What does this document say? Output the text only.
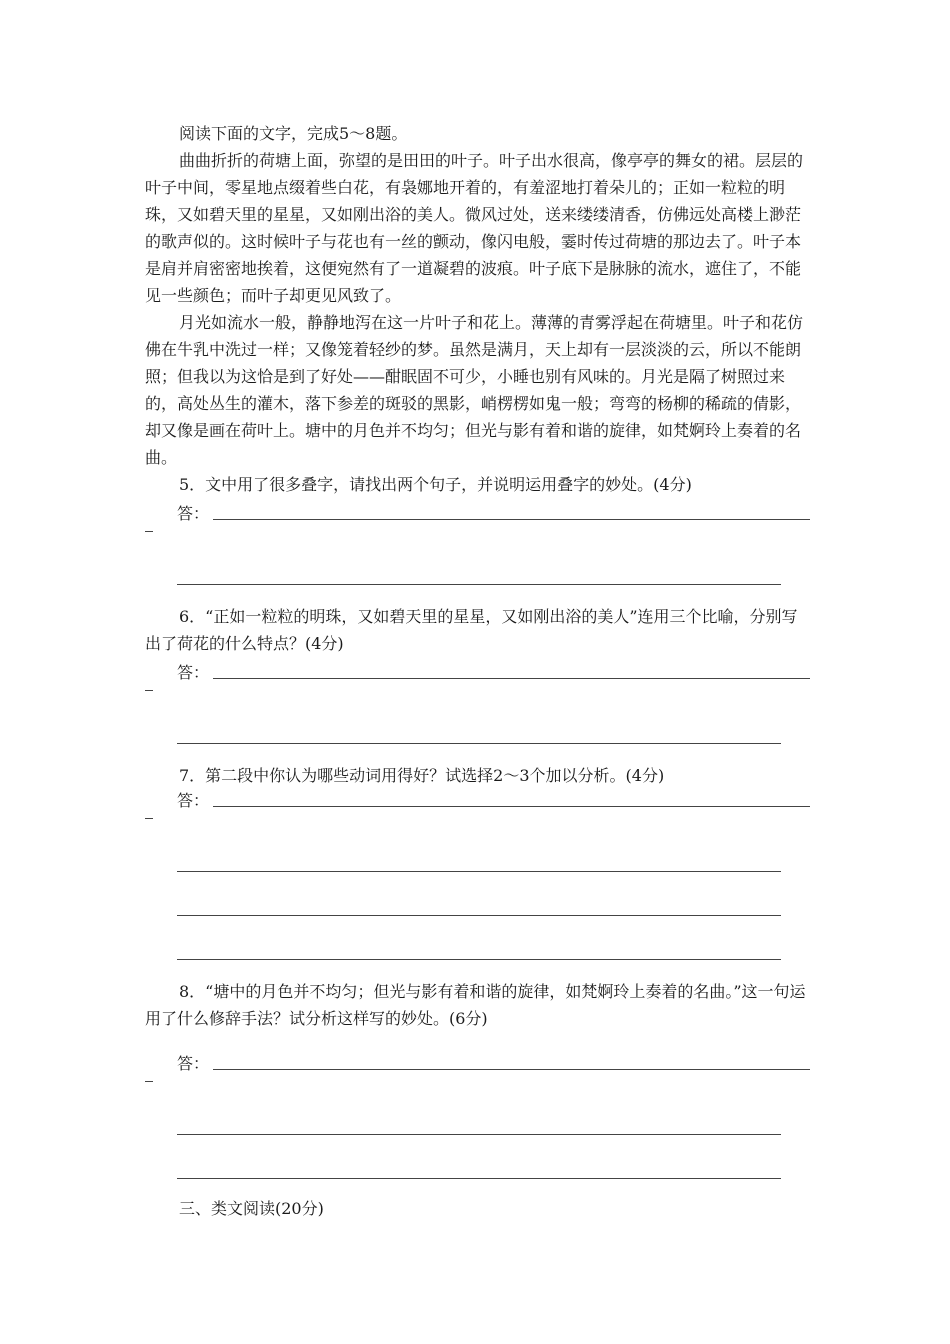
阅读下面的文字，完成5～8题。

曲曲折折的荷塘上面，弥望的是田田的叶子。叶子出水很高，像亭亭的舞女的裙。层层的叶子中间，零星地点缀着些白花，有袅娜地开着的，有羞涩地打着朵儿的；正如一粒粒的明珠，又如碧天里的星星，又如刚出浴的美人。微风过处，送来缕缕清香，仿佛远处高楼上渺茫的歌声似的。这时候叶子与花也有一丝的颤动，像闪电般，霎时传过荷塘的那边去了。叶子本是肩并肩密密地挨着，这便宛然有了一道凝碧的波痕。叶子底下是脉脉的流水，遮住了，不能见一些颜色；而叶子却更见风致了。

月光如流水一般，静静地泻在这一片叶子和花上。薄薄的青雾浮起在荷塘里。叶子和花仿佛在牛乳中洗过一样；又像笼着轻纱的梦。虽然是满月，天上却有一层淡淡的云，所以不能朗照；但我以为这恰是到了好处——酣眠固不可少，小睡也别有风味的。月光是隔了树照过来的，高处丛生的灌木，落下参差的斑驳的黑影，峭楞楞如鬼一般；弯弯的杨柳的稀疏的倩影，却又像是画在荷叶上。塘中的月色并不均匀；但光与影有着和谐的旋律，如梵婀玲上奏着的名曲。

5．文中用了很多叠字，请找出两个句子，并说明运用叠字的妙处。(4分)

答：

6．“正如一粒粒的明珠，又如碧天里的星星，又如刚出浴的美人”连用三个比喻，分别写出了荷花的什么特点？(4分)

答：

7．第二段中你认为哪些动词用得好？试选择2～3个加以分析。(4分)

答：

8．“塘中的月色并不均匀；但光与影有着和谐的旋律，如梵婀玲上奏着的名曲。”这一句运用了什么修辞手法？试分析这样写的妙处。(6分)

答：

三、类文阅读(20分)
